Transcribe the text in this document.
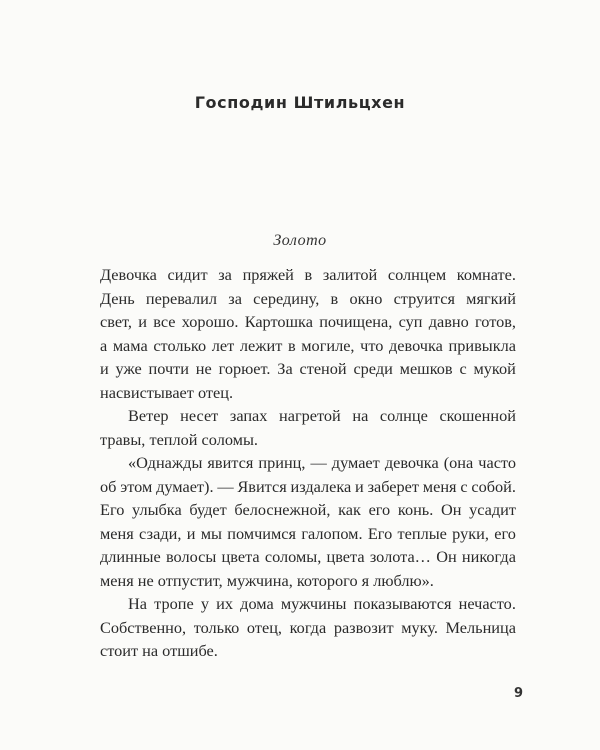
Господин Штильцхен
Золото
Девочка сидит за пряжей в залитой солнцем комнате.
День перевалил за середину, в окно струится мягкий
свет, и все хорошо. Картошка почищена, суп давно готов,
а мама столько лет лежит в могиле, что девочка привыкла
и уже почти не горюет. За стеной среди мешков с мукой
насвистывает отец.
Ветер несет запах нагретой на солнце скошенной
травы, теплой соломы.
«Однажды явится принц, — думает девочка (она часто
об этом думает). — Явится издалека и заберет меня с собой.
Его улыбка будет белоснежной, как его конь. Он усадит
меня сзади, и мы помчимся галопом. Его теплые руки, его
длинные волосы цвета соломы, цвета золота… Он никогда
меня не отпустит, мужчина, которого я люблю».
На тропе у их дома мужчины показываются нечасто.
Собственно, только отец, когда развозит муку. Мельница
стоит на отшибе.
9
